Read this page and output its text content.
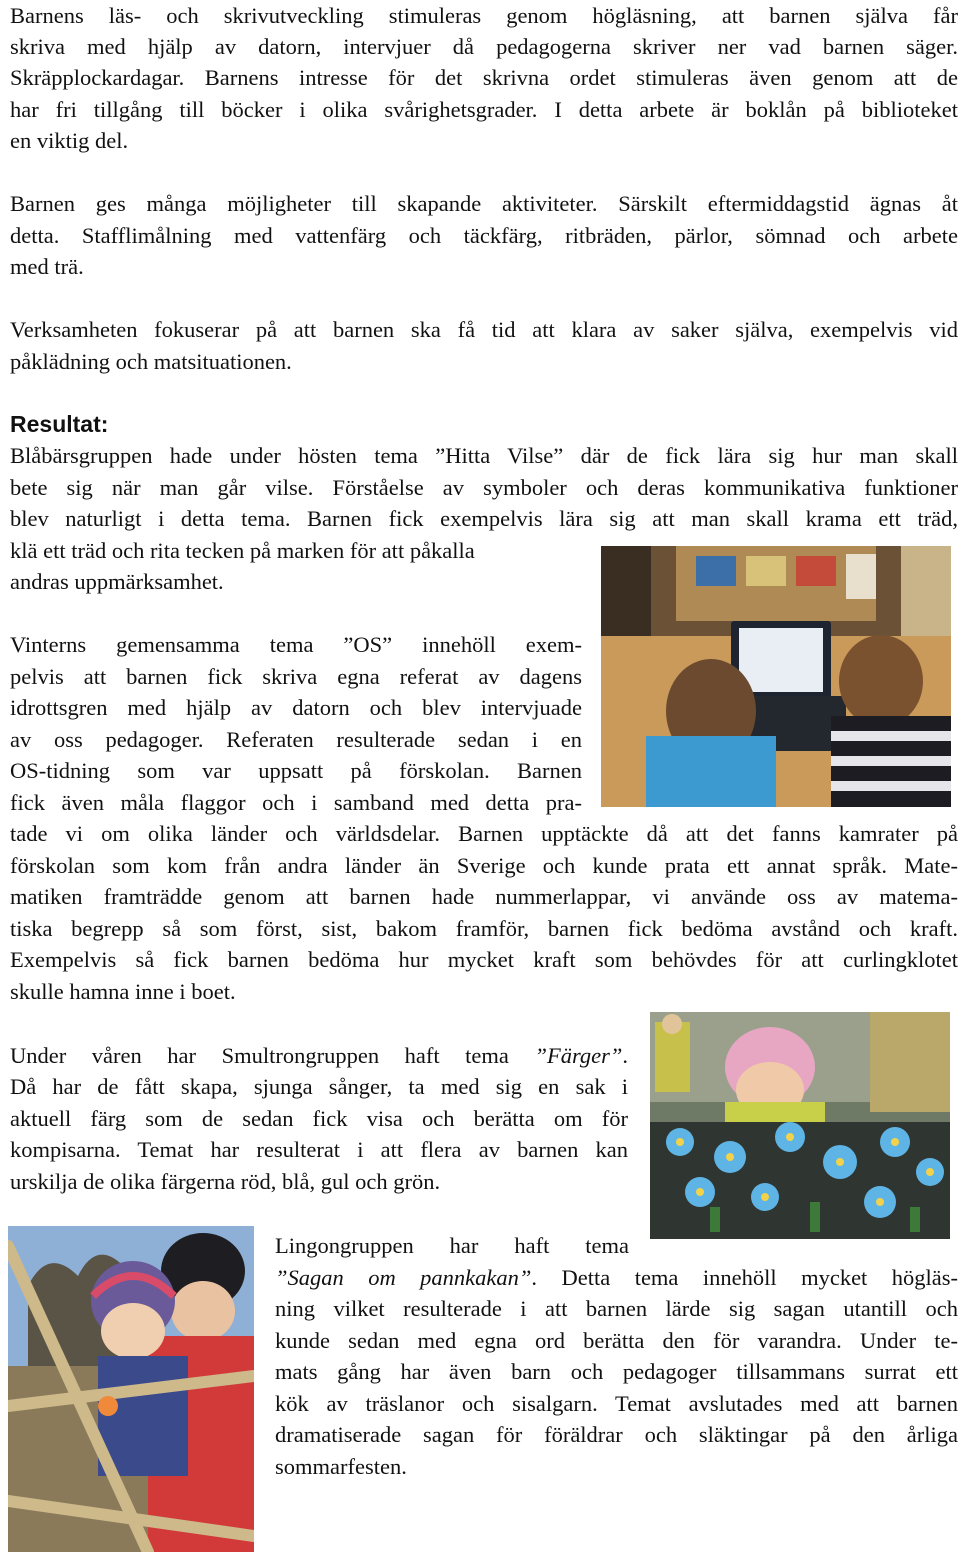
Barnens läs- och skrivutveckling stimuleras genom högläsning, att barnen själva får
skriva med hjälp av datorn, intervjuer då pedagogerna skriver ner vad barnen säger.
Skräpplockardagar. Barnens intresse för det skrivna ordet stimuleras även genom att de
har fri tillgång till böcker i olika svårighetsgrader. I detta arbete är boklån på biblioteket
en viktig del.
Barnen ges många möjligheter till skapande aktiviteter. Särskilt eftermiddagstid ägnas åt
detta. Stafflimålning med vattenfärg och täckfärg, ritbräden, pärlor, sömnad och arbete
med trä.
Verksamheten fokuserar på att barnen ska få tid att klara av saker själva, exempelvis vid
påklädning och matsituationen.
Resultat:
Blåbärsgruppen hade under hösten tema ”Hitta Vilse” där de fick lära sig hur man skall
bete sig när man går vilse. Förståelse av symboler och deras kommunikativa funktioner
blev naturligt i detta tema. Barnen fick exempelvis lära sig att man skall krama ett träd,
klä ett träd och rita tecken på marken för att påkalla
andras uppmärksamhet.
Vinterns gemensamma tema ”OS” innehöll exem-
pelvis att barnen fick skriva egna referat av dagens
idrottsgren med hjälp av datorn och blev intervjuade
av oss pedagoger. Referaten resulterade sedan i en
OS-tidning som var uppsatt på förskolan. Barnen
fick även måla flaggor och i samband med detta pra-
tade vi om olika länder och världsdelar. Barnen upptäckte då att det fanns kamrater på
förskolan som kom från andra länder än Sverige och kunde prata ett annat språk. Mate-
matiken framträdde genom att barnen hade nummerlappar, vi använde oss av matema-
tiska begrepp så som först, sist, bakom framför, barnen fick bedöma avstånd och kraft.
Exempelvis så fick barnen bedöma hur mycket kraft som behövdes för att curlingklotet
skulle hamna inne i boet.
Under våren har Smultrongruppen haft tema ”Färger”.
Då har de fått skapa, sjunga sånger, ta med sig en sak i
aktuell färg som de sedan fick visa och berätta om för
kompisarna. Temat har resulterat i att flera av barnen kan
urskilja de olika färgerna röd, blå, gul och grön.
Lingongruppen har haft tema
”Sagan om pannkakan”. Detta tema innehöll mycket högläs-
ning vilket resulterade i att barnen lärde sig sagan utantill och
kunde sedan med egna ord berätta den för varandra. Under te-
mats gång har även barn och pedagoger tillsammans surrat ett
kök av träslanor och sisalgarn. Temat avslutades med att barnen
dramatiserade sagan för föräldrar och släktingar på den årliga
sommarfesten.
